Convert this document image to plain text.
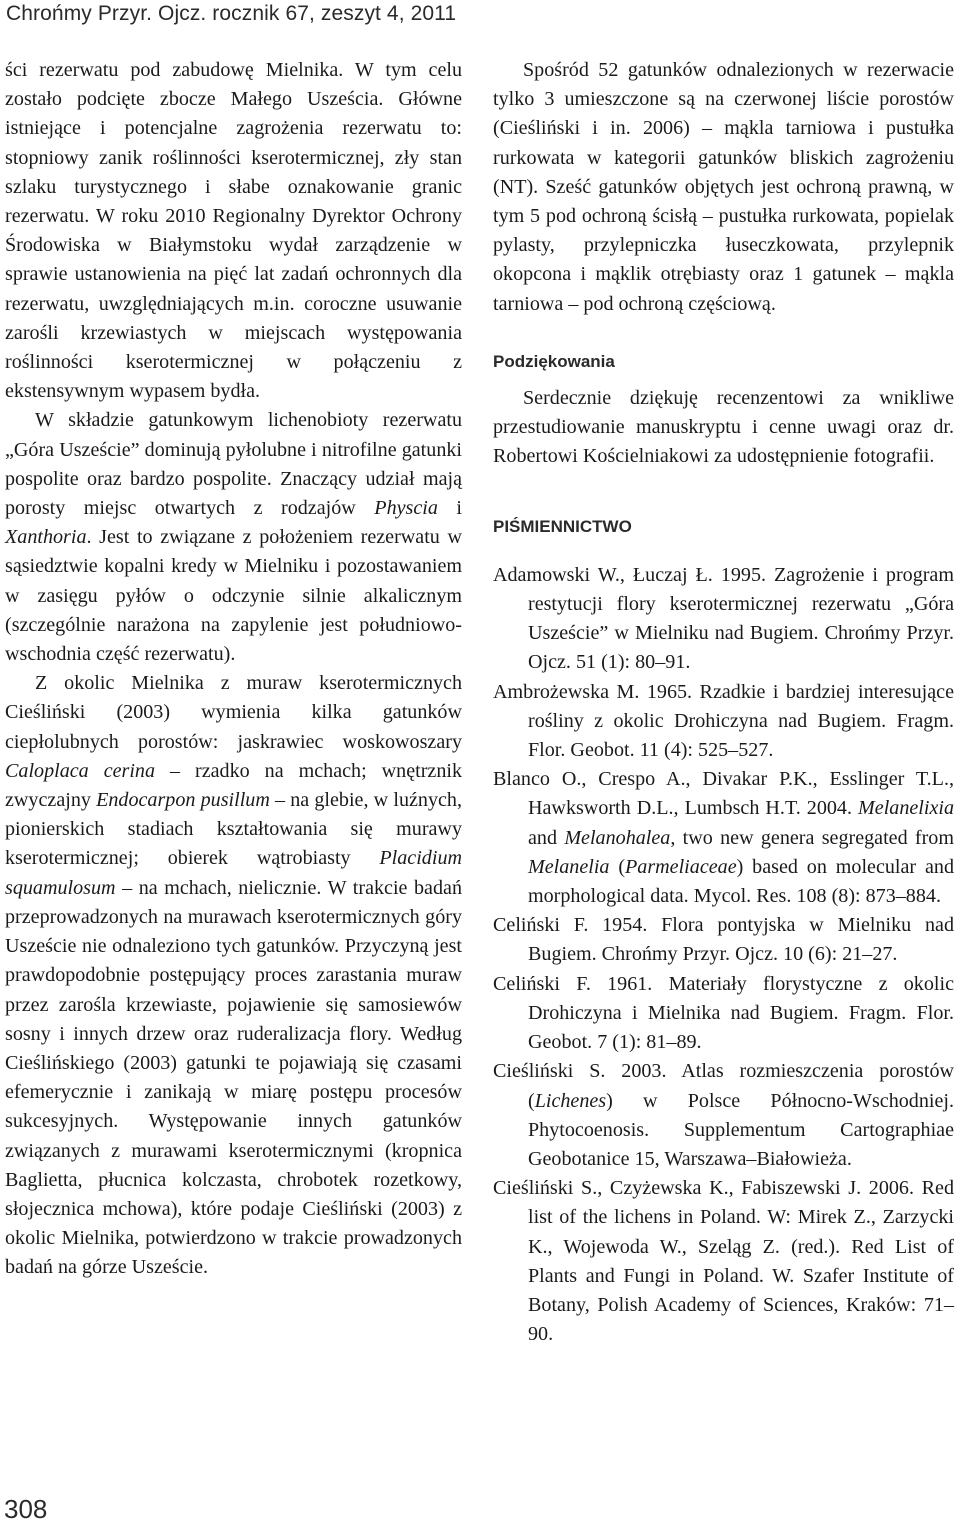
Chrońmy Przyr. Ojcz. rocznik 67, zeszyt 4, 2011

ści rezerwatu pod zabudowę Mielnika. W tym celu zostało podcięte zbocze Małego Usześcia. Główne istniejące i potencjalne zagrożenia rezerwatu to: stopniowy zanik roślinności kserotermicznej, zły stan szlaku turystycznego i słabe oznakowanie granic rezerwatu. W roku 2010 Regionalny Dyrektor Ochrony Środowiska w Białymstoku wydał zarządzenie w sprawie ustanowienia na pięć lat zadań ochronnych dla rezerwatu, uwzględniających m.in. coroczne usuwanie zarośli krzewiastych w miejscach występowania roślinności kserotermicznej w połączeniu z ekstensywnym wypasem bydła.

W składzie gatunkowym lichenobioty rezerwatu „Góra Uszeście” dominują pyłolubne i nitrofilne gatunki pospolite oraz bardzo pospolite. Znaczący udział mają porosty miejsc otwartych z rodzajów Physcia i Xanthoria. Jest to związane z położeniem rezerwatu w sąsiedztwie kopalni kredy w Mielniku i pozostawaniem w zasięgu pyłów o odczynie silnie alkalicznym (szczególnie narażona na zapylenie jest południowo-wschodnia część rezerwatu).

Z okolic Mielnika z muraw kserotermicznych Cieśliński (2003) wymienia kilka gatunków ciepłolubnych porostów: jaskrawiec woskowoszary Caloplaca cerina – rzadko na mchach; wnętrznik zwyczajny Endocarpon pusillum – na glebie, w luźnych, pionierskich stadiach kształtowania się murawy kserotermicznej; obierek wątrobiasty Placidium squamulosum – na mchach, nielicznie. W trakcie badań przeprowadzonych na murawach kserotermicznych góry Uszeście nie odnaleziono tych gatunków. Przyczyną jest prawdopodobnie postępujący proces zarastania muraw przez zarośla krzewiaste, pojawienie się samosiewów sosny i innych drzew oraz ruderalizacja flory. Według Cieślińskiego (2003) gatunki te pojawiają się czasami efemerycznie i zanikają w miarę postępu procesów sukcesyjnych. Występowanie innych gatunków związanych z murawami kserotermicznymi (kropnica Baglietta, płucnica kolczasta, chrobotek rozetkowy, słojecznica mchowa), które podaje Cieśliński (2003) z okolic Mielnika, potwierdzono w trakcie prowadzonych badań na górze Uszeście.

Spośród 52 gatunków odnalezionych w rezerwacie tylko 3 umieszczone są na czerwonej liście porostów (Cieśliński i in. 2006) – mąkla tarniowa i pustułka rurkowata w kategorii gatunków bliskich zagrożeniu (NT). Sześć gatunków objętych jest ochroną prawną, w tym 5 pod ochroną ścisłą – pustułka rurkowata, popielak pylasty, przylepniczka łuseczkowata, przylepnik okopcona i mąklik otrębiasty oraz 1 gatunek – mąkla tarniowa – pod ochroną częściową.

Podziękowania

Serdecznie dziękuję recenzentowi za wnikliwe przestudiowanie manuskryptu i cenne uwagi oraz dr. Robertowi Kościelniakowi za udostępnienie fotografii.

PIŚMIENNICTWO

Adamowski W., Łuczaj Ł. 1995. Zagrożenie i program restytucji flory kserotermicznej rezerwatu „Góra Uszeście” w Mielniku nad Bugiem. Chrońmy Przyr. Ojcz. 51 (1): 80–91.

Ambrożewska M. 1965. Rzadkie i bardziej interesujące rośliny z okolic Drohiczyna nad Bugiem. Fragm. Flor. Geobot. 11 (4): 525–527.

Blanco O., Crespo A., Divakar P.K., Esslinger T.L., Hawksworth D.L., Lumbsch H.T. 2004. Melanelixia and Melanohalea, two new genera segregated from Melanelia (Parmeliaceae) based on molecular and morphological data. Mycol. Res. 108 (8): 873–884.

Celiński F. 1954. Flora pontyjska w Mielniku nad Bugiem. Chrońmy Przyr. Ojcz. 10 (6): 21–27.

Celiński F. 1961. Materiały florystyczne z okolic Drohiczyna i Mielnika nad Bugiem. Fragm. Flor. Geobot. 7 (1): 81–89.

Cieśliński S. 2003. Atlas rozmieszczenia porostów (Lichenes) w Polsce Północno-Wschodniej. Phytocoenosis. Supplementum Cartographiae Geobotanice 15, Warszawa–Białowieża.

Cieśliński S., Czyżewska K., Fabiszewski J. 2006. Red list of the lichens in Poland. W: Mirek Z., Zarzycki K., Wojewoda W., Szeląg Z. (red.). Red List of Plants and Fungi in Poland. W. Szafer Institute of Botany, Polish Academy of Sciences, Kraków: 71–90.

308
